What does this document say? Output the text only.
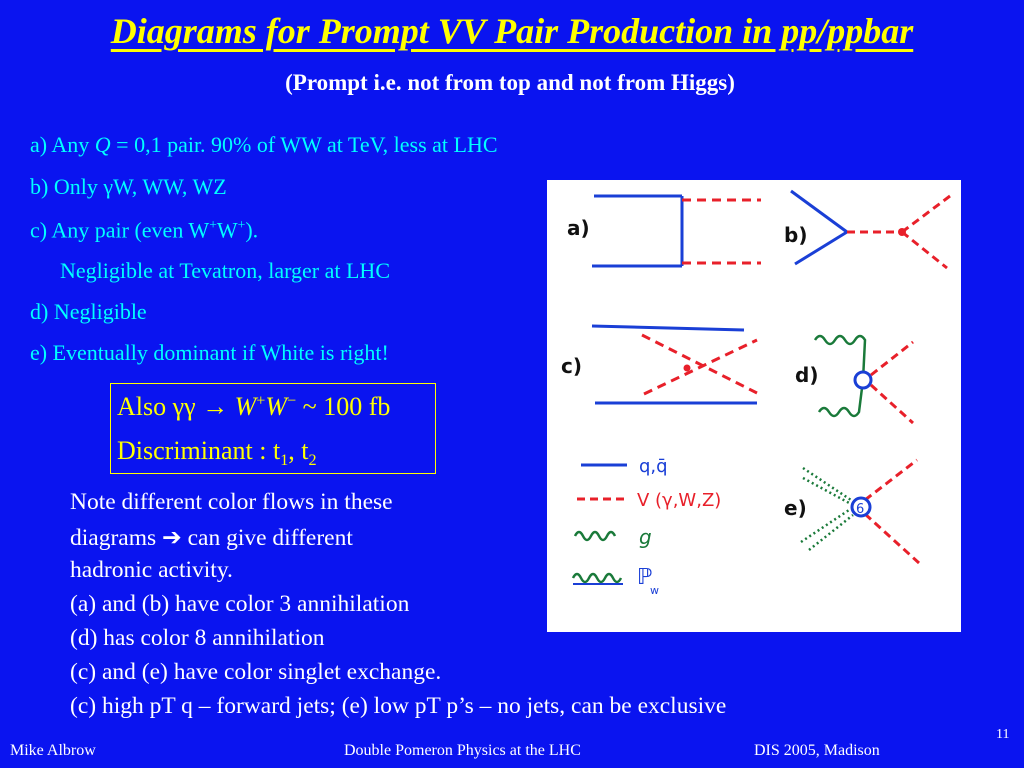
Diagrams for Prompt VV Pair Production in pp/ppbar
(Prompt i.e. not from top and not from Higgs)
a) Any Q = 0,1 pair. 90% of WW at TeV, less at LHC
b) Only γW, WW, WZ
c) Any pair (even W+W+).
Negligible at Tevatron, larger at LHC
d) Negligible
e) Eventually dominant if White is right!
Also γγ → W+W− ~ 100 fb
Discriminant : $t_1$, $t_2$
Note different color flows in these
diagrams ➔ can give different
hadronic activity.
(a) and (b) have color 3 annihilation
(d) has color 8 annihilation
(c) and (e) have color singlet exchange.
(c) high pT q – forward jets; (e) low pT p’s – no jets, can be exclusive
a)	b)
c)	d)
e)	6
q,q̄
V (γ,W,Z)
g
ℙ
w
Mike Albrow	Double Pomeron Physics at the LHC	DIS 2005, Madison
11
